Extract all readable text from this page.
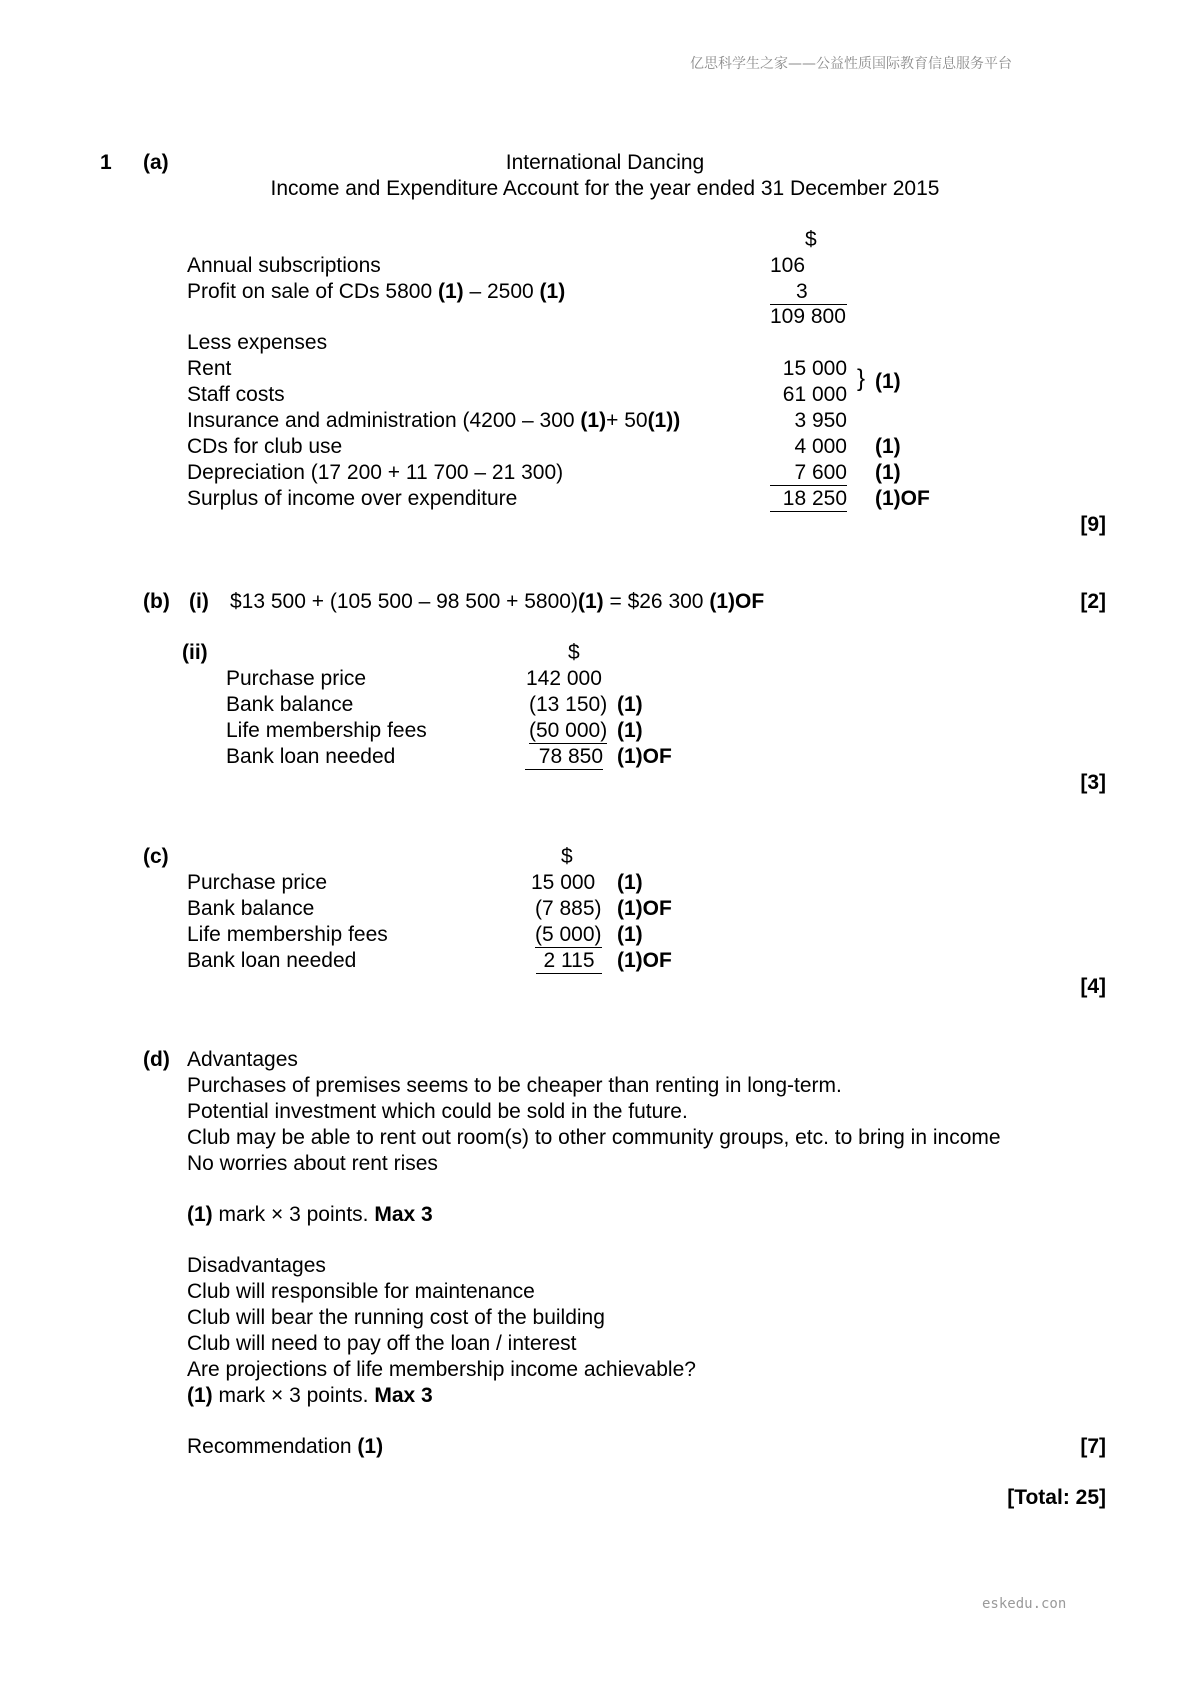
亿思科学生之家——公益性质国际教育信息服务平台
eskedu.con
1 (a)	International Dancing
Income and Expenditure Account for the year ended 31 December 2015
$
Annual subscriptions	106
Profit on sale of CDs 5800 (1) – 2500 (1)	3
109 800
Less expenses
Rent	15 000
Staff costs	61 000
} (1)
Insurance and administration (4200 – 300 (1)+ 50(1))	3 950
CDs for club use	4 000 (1)
Depreciation (17 200 + 11 700 – 21 300)	7 600 (1)
Surplus of income over expenditure	18 250 (1)OF
[9]
(b) (i) $13 500 + (105 500 – 98 500 + 5800)(1) = $26 300 (1)OF	[2]
(ii)	$
Purchase price	142 000
Bank balance	(13 150) (1)
Life membership fees	(50 000) (1)
Bank loan needed	78 850 (1)OF
[3]
(c)	$
Purchase price	15 000 (1)
Bank balance	(7 885) (1)OF
Life membership fees	(5 000) (1)
Bank loan needed	2 115	(1)OF
[4]
(d) Advantages
Purchases of premises seems to be cheaper than renting in long-term.
Potential investment which could be sold in the future.
Club may be able to rent out room(s) to other community groups, etc. to bring in income
No worries about rent rises
(1) mark × 3 points. Max 3
Disadvantages
Club will responsible for maintenance
Club will bear the running cost of the building
Club will need to pay off the loan / interest
Are projections of life membership income achievable?
(1) mark × 3 points. Max 3
Recommendation (1)	[7]
[Total: 25]
